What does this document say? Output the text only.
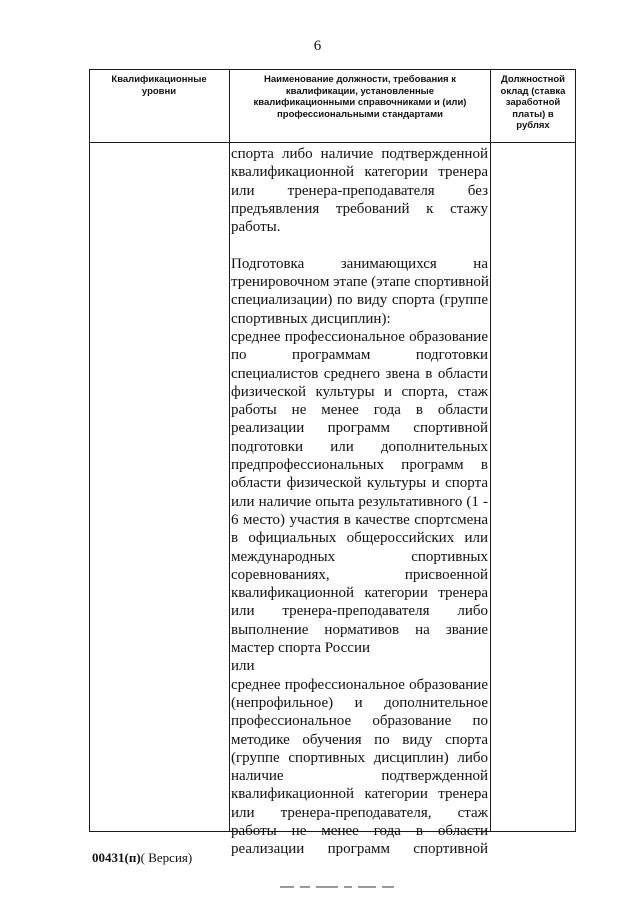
6
Квалификационные
уровни
Наименование должности, требования к
квалификации, установленные
квалификационными справочниками и (или)
профессиональными стандартами
Должностной
оклад (ставка
заработной
платы) в
рублях
спорта либо наличие подтвержденной
квалификационной категории тренера
или тренера-преподавателя без
предъявления требований к стажу
работы.
Подготовка занимающихся на
тренировочном этапе (этапе спортивной
специализации) по виду спорта (группе
спортивных дисциплин):
среднее профессиональное образование
по программам подготовки
специалистов среднего звена в области
физической культуры и спорта, стаж
работы не менее года в области
реализации программ спортивной
подготовки или дополнительных
предпрофессиональных программ в
области физической культуры и спорта
или наличие опыта результативного (1 -
6 место) участия в качестве спортсмена
в официальных общероссийских или
международных спортивных
соревнованиях, присвоенной
квалификационной категории тренера
или тренера-преподавателя либо
выполнение нормативов на звание
мастер спорта России
или
среднее профессиональное образование
(непрофильное) и дополнительное
профессиональное образование по
методике обучения по виду спорта
(группе спортивных дисциплин) либо
наличие подтвержденной
квалификационной категории тренера
или тренера-преподавателя, стаж
работы не менее года в области
реализации программ спортивной
00431(п)( Версия)
